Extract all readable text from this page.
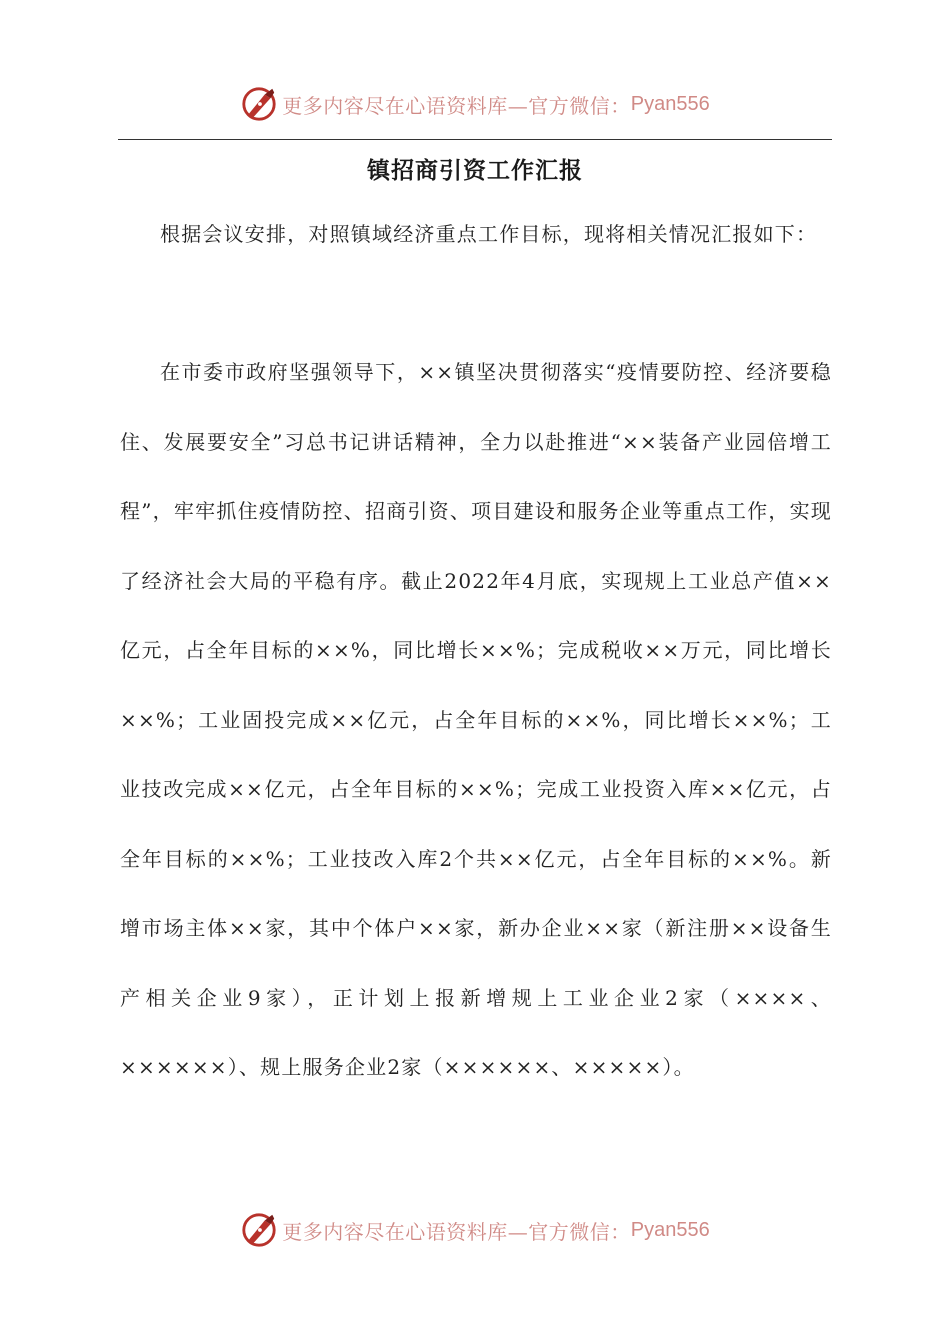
更多内容尽在心语资料库—官方微信： Pyan556
镇招商引资工作汇报

根据会议安排，对照镇域经济重点工作目标，现将相关情况汇报如下：

在市委市政府坚强领导下，××镇坚决贯彻落实“疫情要防控、经济要稳住、发展要安全”习总书记讲话精神，全力以赴推进“××装备产业园倍增工程”，牢牢抓住疫情防控、招商引资、项目建设和服务企业等重点工作，实现了经济社会大局的平稳有序。截止2022年4月底，实现规上工业总产值××亿元，占全年目标的××%，同比增长××%；完成税收××万元，同比增长××%；工业固投完成××亿元，占全年目标的××%，同比增长××%；工业技改完成××亿元，占全年目标的××%；完成工业投资入库××亿元，占全年目标的××%；工业技改入库2个共××亿元，占全年目标的××%。新增市场主体××家，其中个体户××家，新办企业××家（新注册××设备生产相关企业9家），正计划上报新增规上工业企业2家（××××、××××××）、规上服务企业2家（××××××、×××××）。

更多内容尽在心语资料库—官方微信： Pyan556
